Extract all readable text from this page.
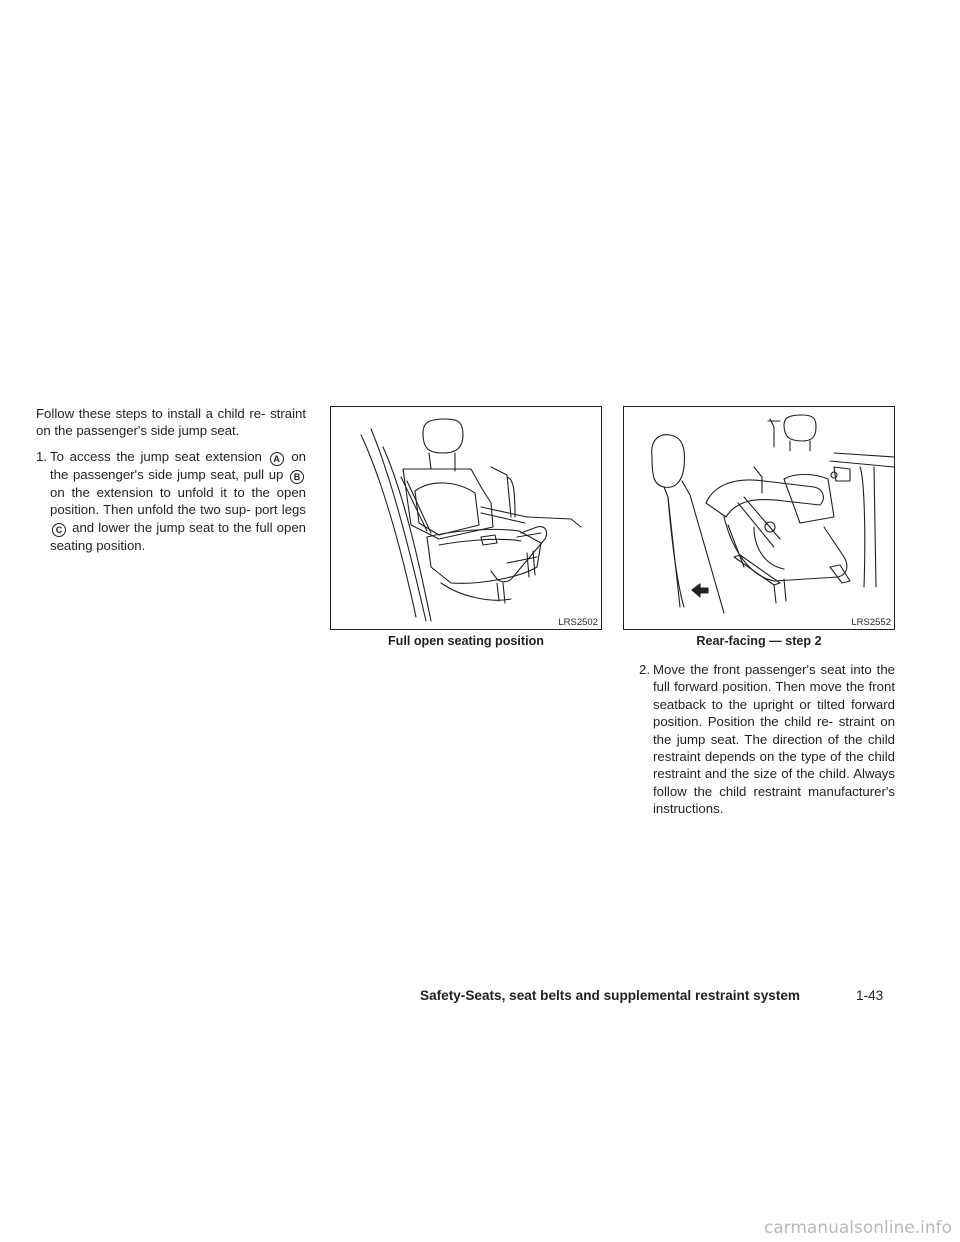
Follow these steps to install a child re- straint on the passenger's side jump seat.
1. To access the jump seat extension A on the passenger's side jump seat, pull up B on the extension to unfold it to the open position. Then unfold the two sup- port legs C and lower the jump seat to the full open seating position.
LRS2502
Full open seating position
LRS2552
Rear-facing — step 2
2. Move the front passenger's seat into the full forward position. Then move the front seatback to the upright or tilted forward position. Position the child re- straint on the jump seat. The direction of the child restraint depends on the type of the child restraint and the size of the child. Always follow the child restraint manufacturer's instructions.
Safety-Seats, seat belts and supplemental restraint system	1-43
carmanualsonline.info
